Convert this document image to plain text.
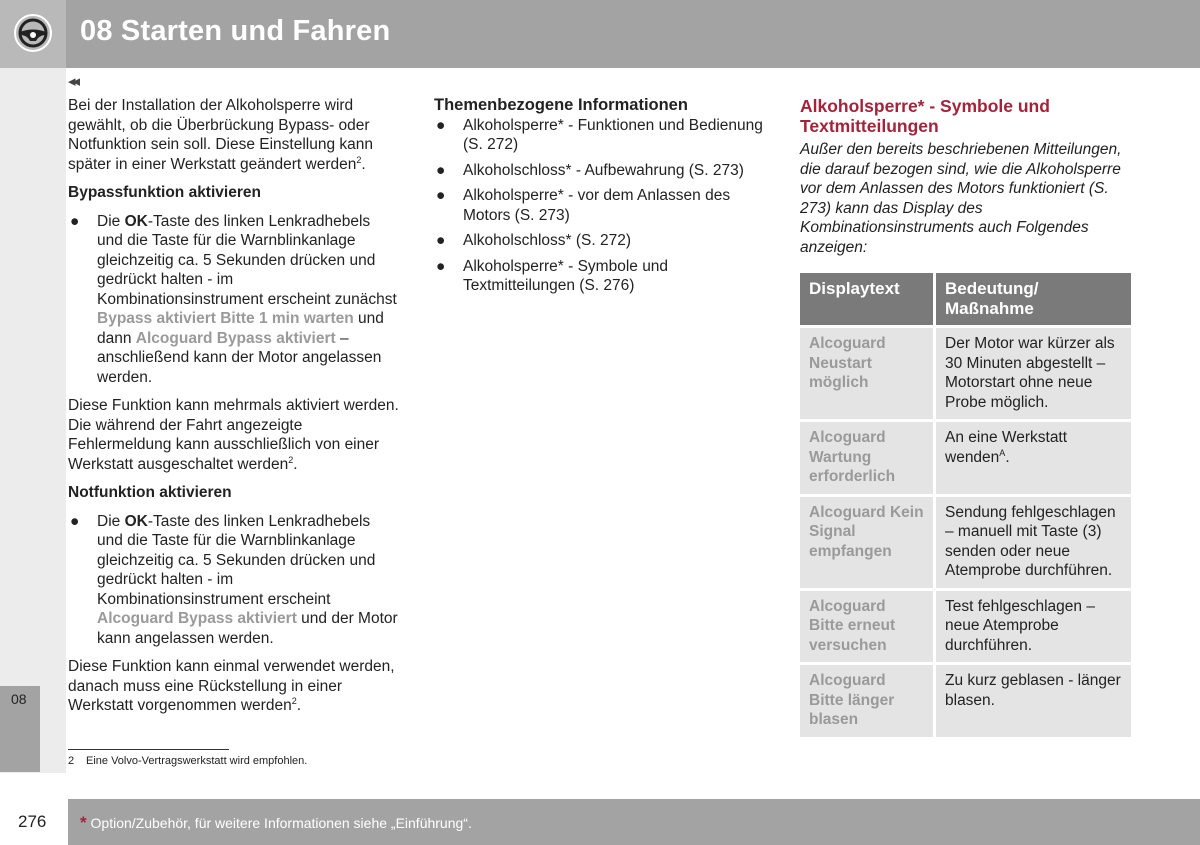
08 Starten und Fahren
◂◂
08

Bei der Installation der Alkoholsperre wird gewählt, ob die Überbrückung Bypass- oder Notfunktion sein soll. Diese Einstellung kann später in einer Werkstatt geändert werden$^2$.

Bypassfunktion aktivieren
● Die OK-Taste des linken Lenkradhebels und die Taste für die Warnblinkanlage gleichzeitig ca. 5 Sekunden drücken und gedrückt halten - im Kombinationsinstrument erscheint zunächst Bypass aktiviert Bitte 1 min warten und dann Alcoguard Bypass aktiviert – anschließend kann der Motor angelassen werden.

Diese Funktion kann mehrmals aktiviert werden. Die während der Fahrt angezeigte Fehlermeldung kann ausschließlich von einer Werkstatt ausgeschaltet werden$^2$.

Notfunktion aktivieren
● Die OK-Taste des linken Lenkradhebels und die Taste für die Warnblinkanlage gleichzeitig ca. 5 Sekunden drücken und gedrückt halten - im Kombinationsinstrument erscheint Alcoguard Bypass aktiviert und der Motor kann angelassen werden.

Diese Funktion kann einmal verwendet werden, danach muss eine Rückstellung in einer Werkstatt vorgenommen werden$^2$.

Themenbezogene Informationen
● Alkoholsperre* - Funktionen und Bedienung (S. 272)
● Alkoholschloss* - Aufbewahrung (S. 273)
● Alkoholsperre* - vor dem Anlassen des Motors (S. 273)
● Alkoholschloss* (S. 272)
● Alkoholsperre* - Symbole und Textmitteilungen (S. 276)
Alkoholsperre* - Symbole und Textmitteilungen

Außer den bereits beschriebenen Mitteilungen, die darauf bezogen sind, wie die Alkoholsperre vor dem Anlassen des Motors funktioniert (S. 273) kann das Display des Kombinationsinstruments auch Folgendes anzeigen:

Displaytext	Bedeutung/ Maßnahme
Alcoguard Neustart möglich	Der Motor war kürzer als 30 Minuten abgestellt – Motorstart ohne neue Probe möglich.
Alcoguard Wartung erforderlich	An eine Werkstatt wenden$^A$.
Alcoguard Kein Signal empfangen	Sendung fehlgeschlagen – manuell mit Taste (3) senden oder neue Atemprobe durchführen.
Alcoguard Bitte erneut versuchen	Test fehlgeschlagen – neue Atemprobe durchführen.
Alcoguard Bitte länger blasen	Zu kurz geblasen - länger blasen.
2 Eine Volvo-Vertragswerkstatt wird empfohlen.
276 * Option/Zubehör, für weitere Informationen siehe „Einführung“.
